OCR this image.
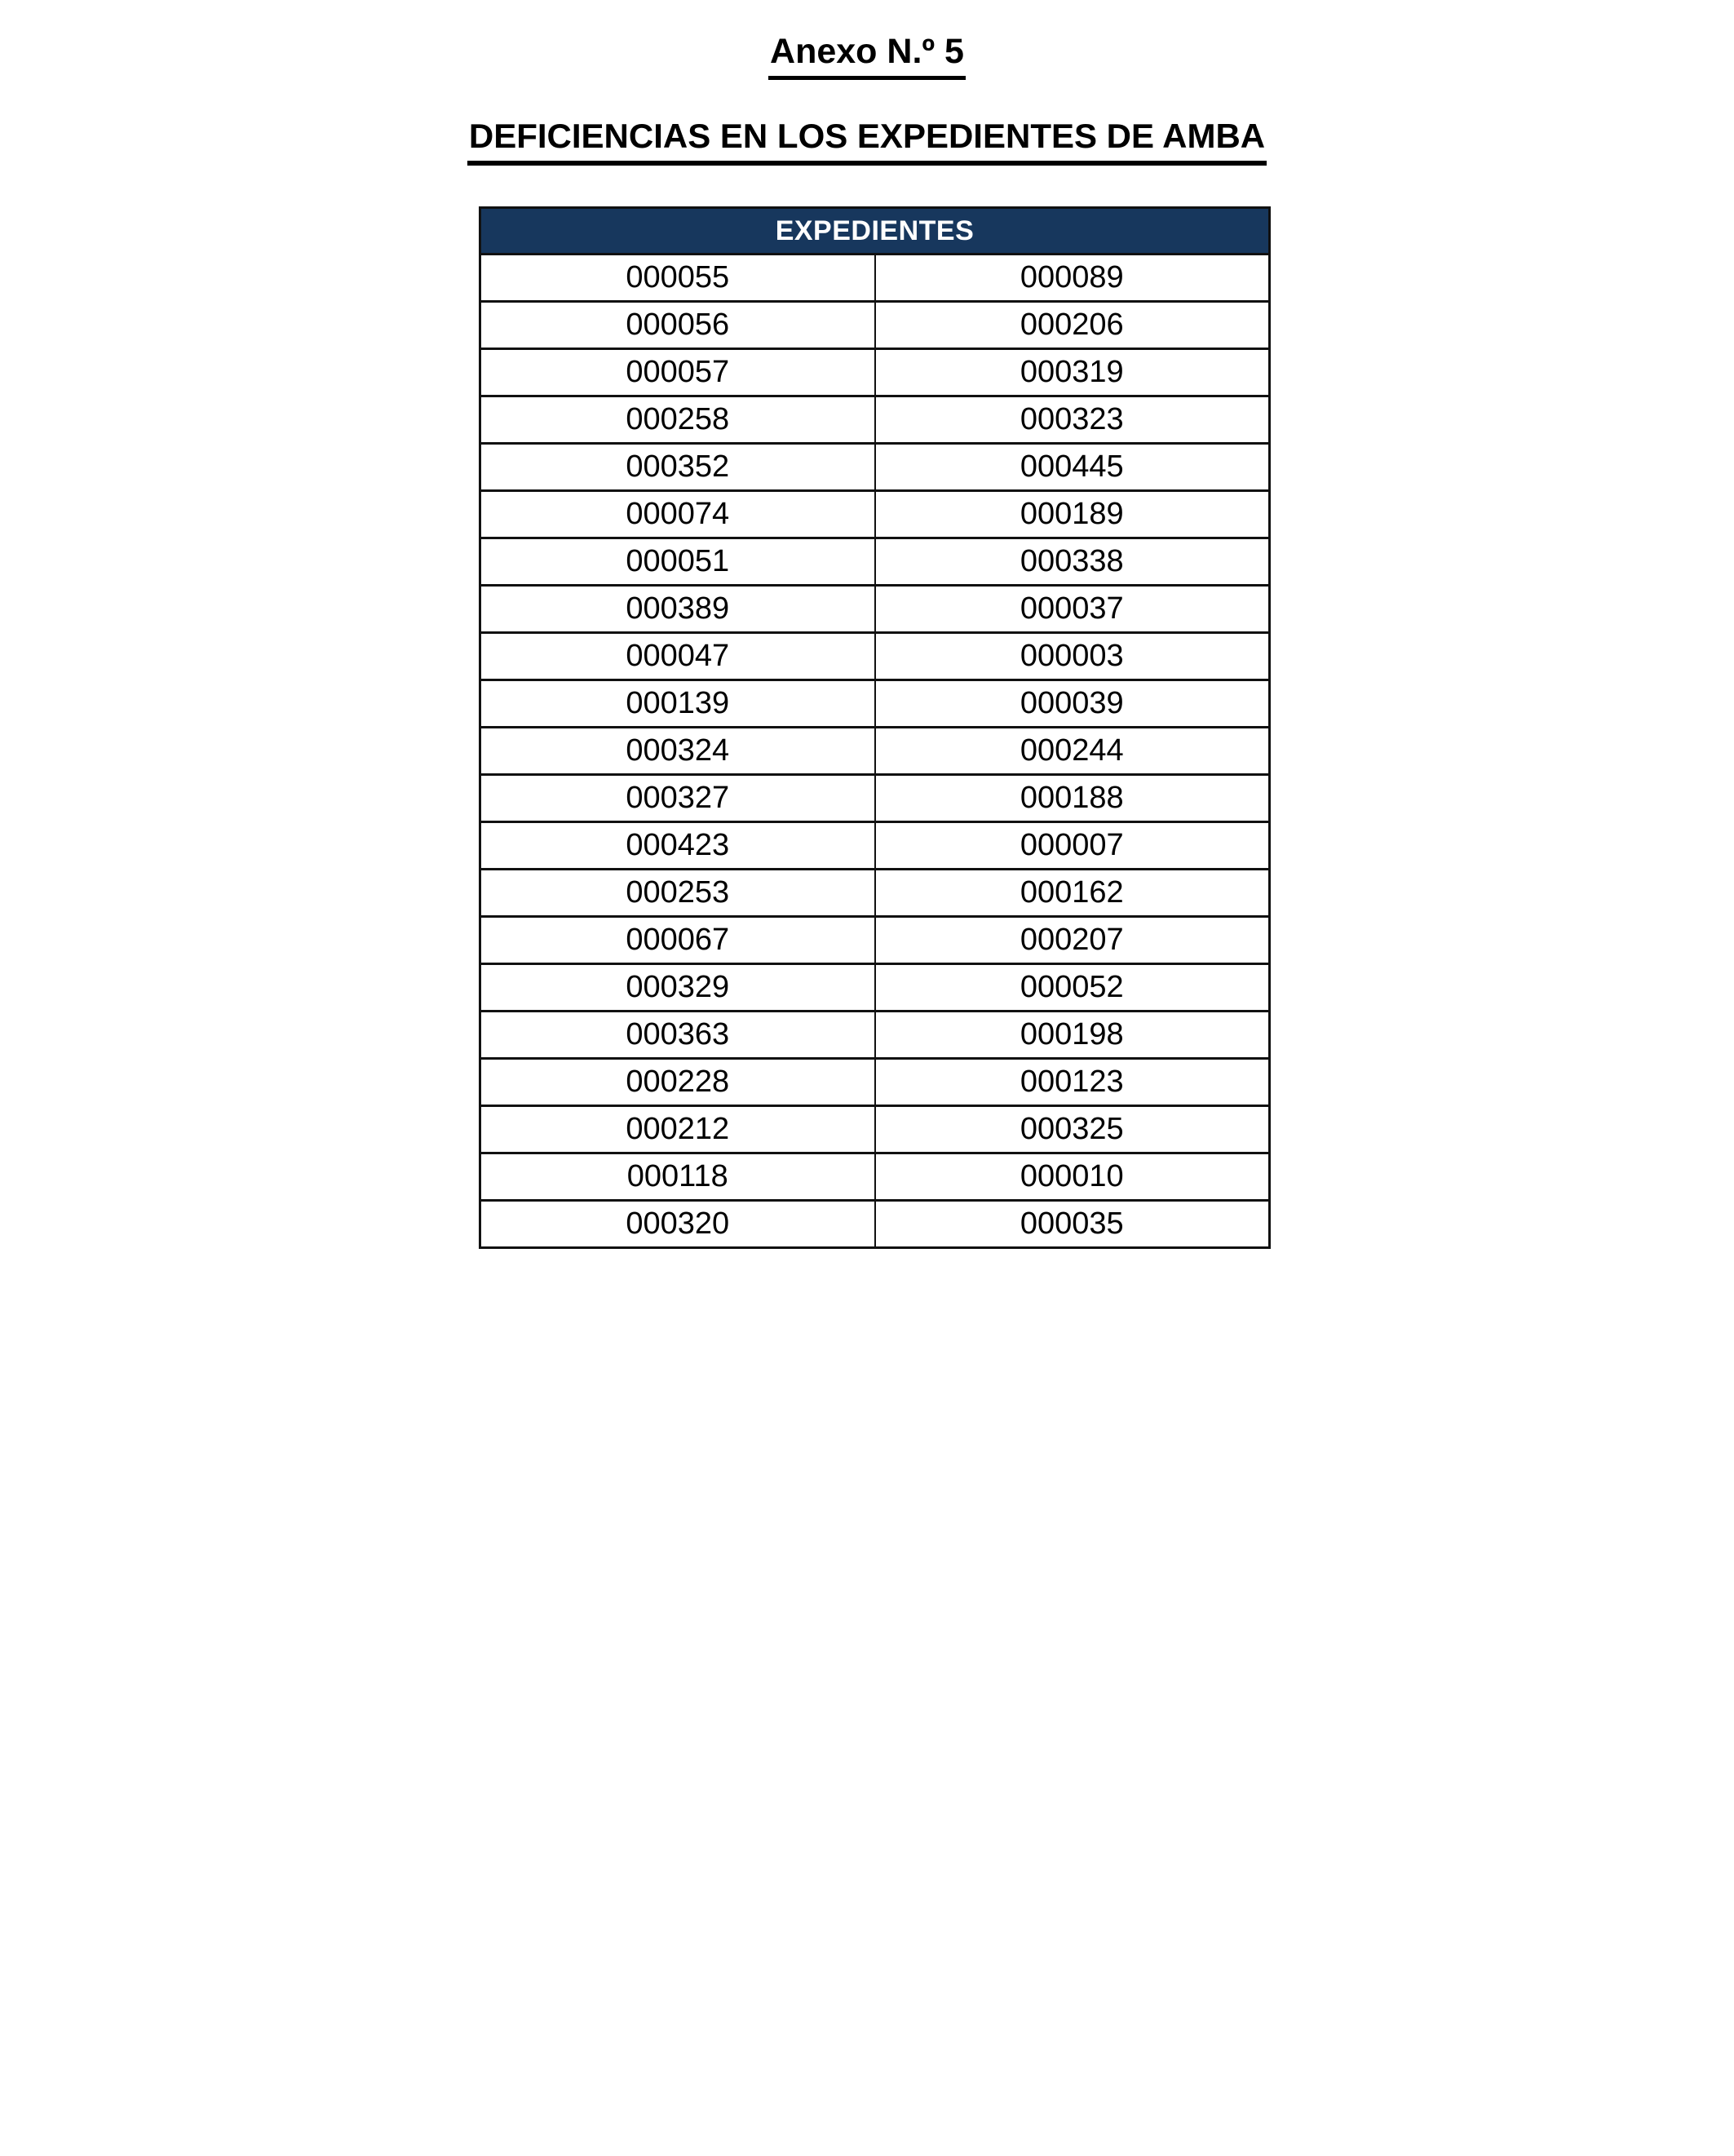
Anexo N.º 5
DEFICIENCIAS EN LOS EXPEDIENTES DE AMBA
EXPEDIENTES	
000055	000089
000056	000206
000057	000319
000258	000323
000352	000445
000074	000189
000051	000338
000389	000037
000047	000003
000139	000039
000324	000244
000327	000188
000423	000007
000253	000162
000067	000207
000329	000052
000363	000198
000228	000123
000212	000325
000118	000010
000320	000035
